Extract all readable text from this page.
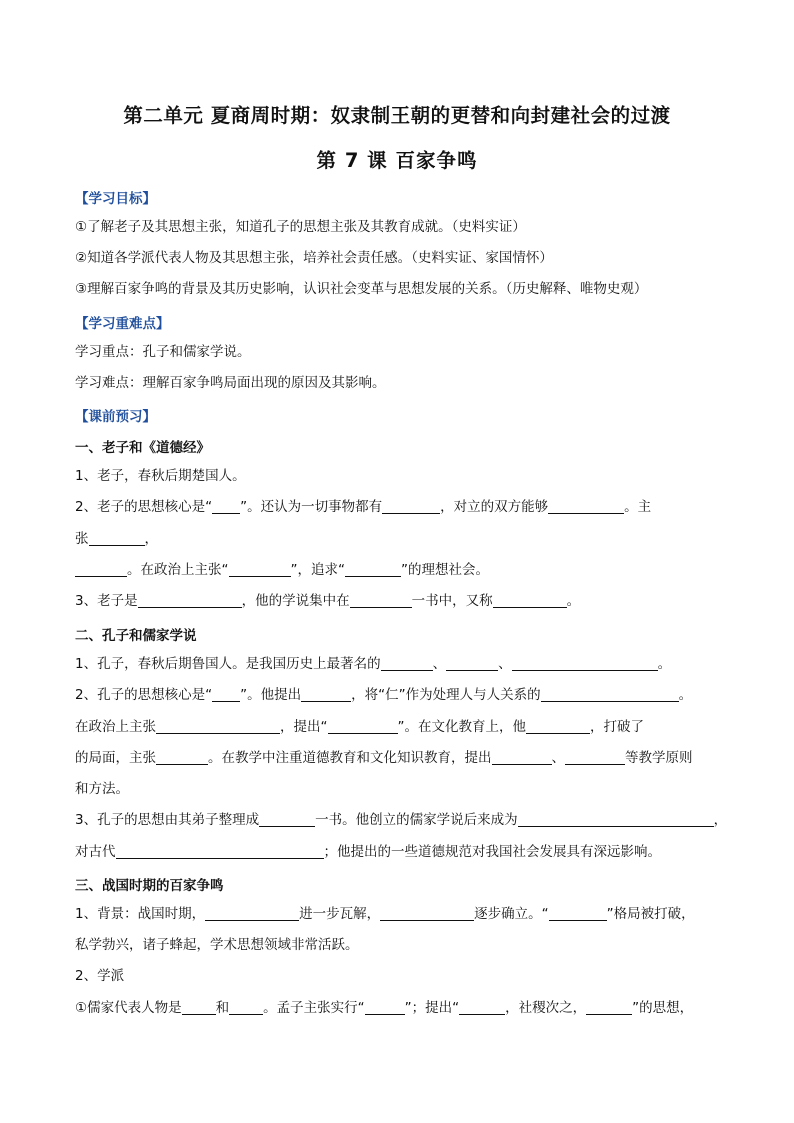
第二单元 夏商周时期：奴隶制王朝的更替和向封建社会的过渡
第 7 课 百家争鸣
【学习目标】
①了解老子及其思想主张，知道孔子的思想主张及其教育成就。（史料实证）
②知道各学派代表人物及其思想主张，培养社会责任感。（史料实证、家国情怀）
③理解百家争鸣的背景及其历史影响，认识社会变革与思想发展的关系。（历史解释、唯物史观）
【学习重难点】
学习重点：孔子和儒家学说。
学习难点：理解百家争鸣局面出现的原因及其影响。
【课前预习】
一、老子和《道德经》
1、老子，春秋后期楚国人。
2、老子的思想核心是“ ”。还认为一切事物都有	，对立的双方能够	。主
张	，
。在政治上主张“	”，追求“	”的理想社会。
3、老子是	，他的学说集中在	一书中，又称	。
二、孔子和儒家学说
1、孔子，春秋后期鲁国人。是我国历史上最著名的	、	、	。
2、孔子的思想核心是“ ”。他提出	，将“仁”作为处理人与人关系的	。
在政治上主张	，提出“	”。在文化教育上，他	，打破了
的局面，主张	。在教学中注重道德教育和文化知识教育，提出	、	等教学原则
和方法。
3、孔子的思想由其弟子整理成	一书。他创立的儒家学说后来成为	，
对古代	；他提出的一些道德规范对我国社会发展具有深远影响。
三、战国时期的百家争鸣
1、背景：战国时期，	进一步瓦解，	逐步确立。“	”格局被打破，
私学勃兴，诸子蜂起，学术思想领域非常活跃。
2、学派
①儒家代表人物是	和	。孟子主张实行“	”；提出“	，社稷次之，	”的思想，
